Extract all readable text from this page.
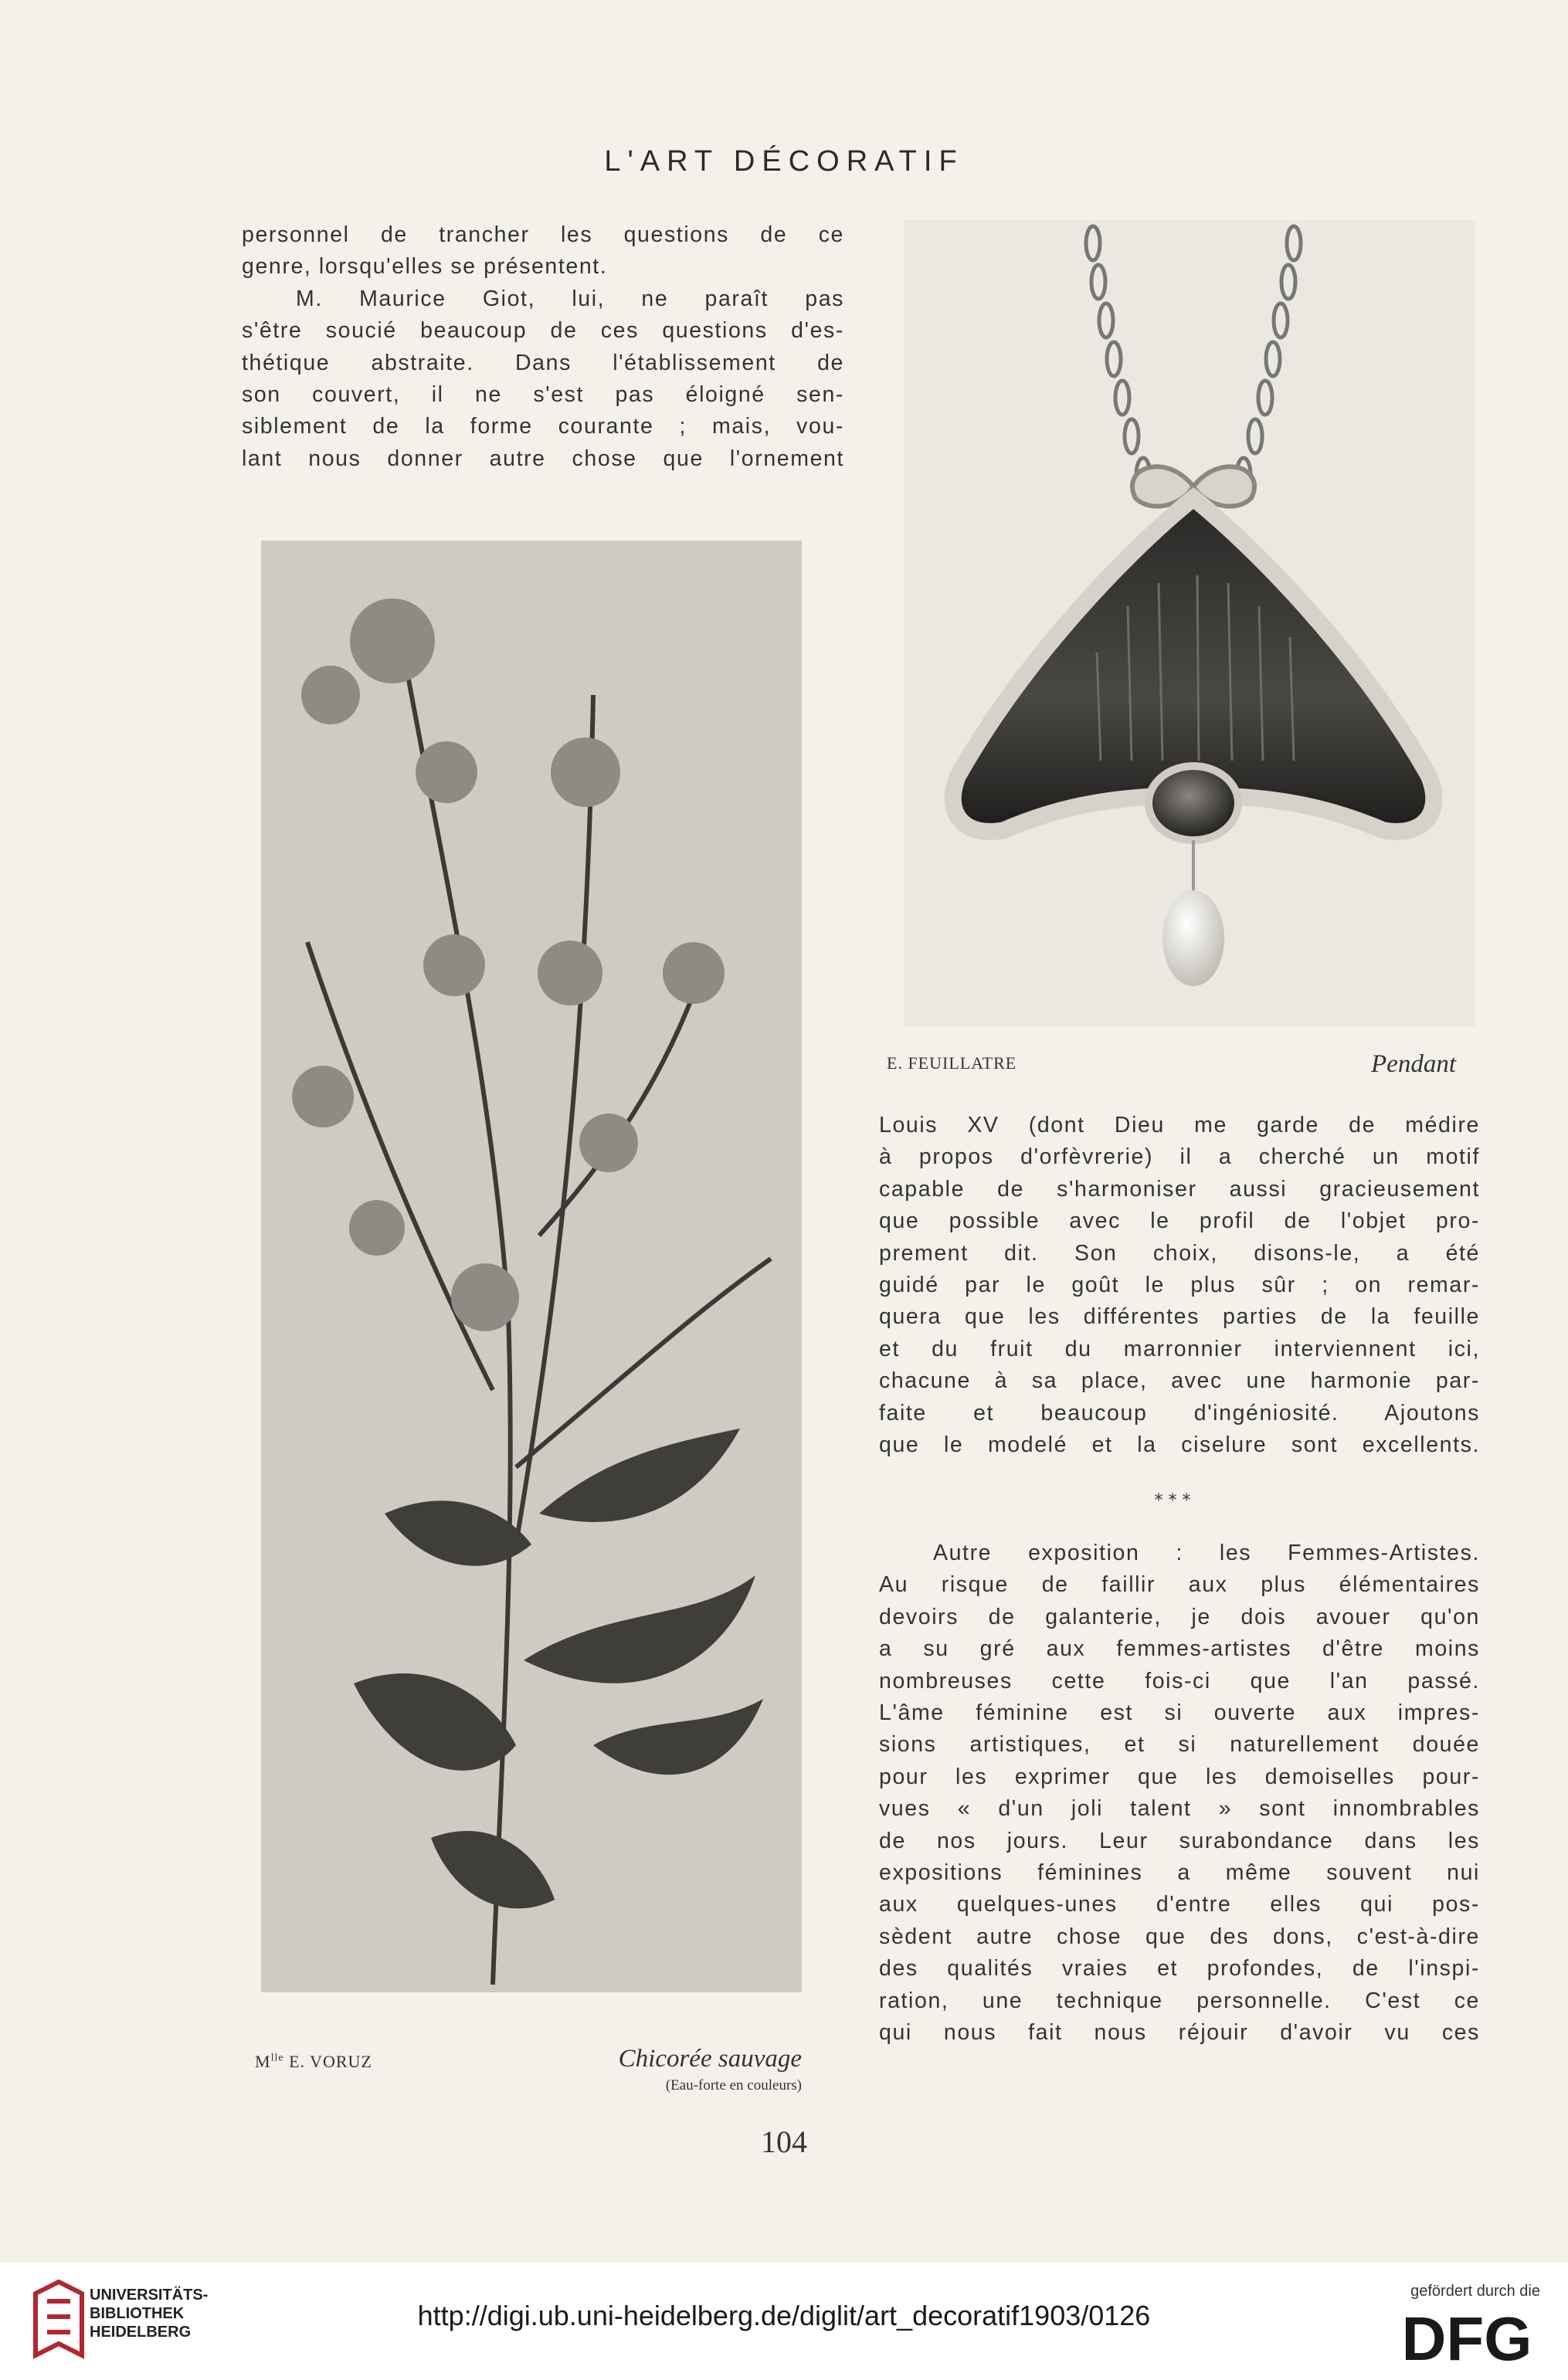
L'ART DÉCORATIF
personnel de trancher les questions de ce
genre, lorsqu'elles se présentent.
M. Maurice Giot, lui, ne paraît pas
s'être soucié beaucoup de ces questions d'es-
thétique abstraite. Dans l'établissement de
son couvert, il ne s'est pas éloigné sen-
siblement de la forme courante ; mais, vou-
lant nous donner autre chose que l'ornement
E. FEUILLATRE	Pendant
$M^{lle}$ E. VORUZ	Chicorée sauvage
(Eau-forte en couleurs)
Louis XV (dont Dieu me garde de médire
à propos d'orfèvrerie) il a cherché un motif
capable de s'harmoniser aussi gracieusement
que possible avec le profil de l'objet pro-
prement dit. Son choix, disons-le, a été
guidé par le goût le plus sûr ; on remar-
quera que les différentes parties de la feuille
et du fruit du marronnier interviennent ici,
chacune à sa place, avec une harmonie par-
faite et beaucoup d'ingéniosité. Ajoutons
que le modelé et la ciselure sont excellents.
* * *
Autre exposition : les Femmes-Artistes.
Au risque de faillir aux plus élémentaires
devoirs de galanterie, je dois avouer qu'on
a su gré aux femmes-artistes d'être moins
nombreuses cette fois-ci que l'an passé.
L'âme féminine est si ouverte aux impres-
sions artistiques, et si naturellement douée
pour les exprimer que les demoiselles pour-
vues « d'un joli talent » sont innombrables
de nos jours. Leur surabondance dans les
expositions féminines a même souvent nui
aux quelques-unes d'entre elles qui pos-
sèdent autre chose que des dons, c'est-à-dire
des qualités vraies et profondes, de l'inspi-
ration, une technique personnelle. C'est ce
qui nous fait nous réjouir d'avoir vu ces
104
UNIVERSITÄTS-
BIBLIOTHEK
HEIDELBERG
http://digi.ub.uni-heidelberg.de/diglit/art_decoratif1903/0126
gefördert durch die
DFG
